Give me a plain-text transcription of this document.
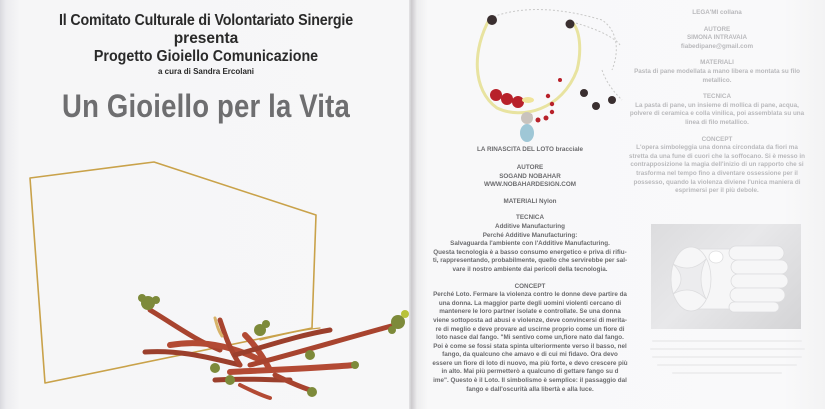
Il Comitato Culturale di Volontariato Sinergie
presenta
Progetto Gioiello Comunicazione
a cura di Sandra Ercolani
Un Gioiello per la Vita
LA RINASCITA DEL LOTO bracciale
AUTORE
SOGAND NOBAHAR
WWW.NOBAHARDESIGN.COM
MATERIALI Nylon
TECNICA
Additive Manufacturing
Perché Additive Manufacturing:
Salvaguarda l'ambiente con l'Additive Manufacturing.
Questa tecnologia è a basso consumo energetico e priva di rifiu-
ti, rappresentando, probabilmente, quello che servirebbe per sal-
vare il nostro ambiente dai pericoli della tecnologia.
CONCEPT
Perché Loto. Fermare la violenza contro le donne deve partire da
una donna. La maggior parte degli uomini violenti cercano di
mantenere le loro partner isolate e controllate. Se una donna
viene sottoposta ad abusi e violenze, deve convincersi di merita-
re di meglio e deve provare ad uscirne proprio come un fiore di
loto nasce dal fango. "Mi sentivo come un,fiore nato dal fango.
Poi è come se fossi stata spinta ulteriormente verso il basso, nel
fango, da qualcuno che amavo e di cui mi fidavo. Ora devo
essere un fiore di loto di nuovo, ma più forte, e devo crescere più
in alto. Mai più permetterò a qualcuno di gettare fango su d
ime". Questo è il Loto. Il simbolismo è semplice: il passaggio dal
fango e dall'oscurità alla libertà e alla luce.
LEGA'MI collana
AUTORE
SIMONA INTRAVAIA
fiabedipane@gmail.com
MATERIALI
Pasta di pane modellata a mano libera e montata su filo
metallico.
TECNICA
La pasta di pane, un insieme di mollica di pane, acqua,
polvere di ceramica e colla vinilica, poi assemblata su una
linea di filo metallico.
CONCEPT
L'opera simboleggia una donna circondata da fiori ma
stretta da una fune di cuori che la soffocano. Si è messo in
contrapposizione la magia dell'inizio di un rapporto che si
trasforma nel tempo fino a diventare ossessione per il
possesso, quando la violenza diviene l'unica maniera di
esprimersi per il più debole.
